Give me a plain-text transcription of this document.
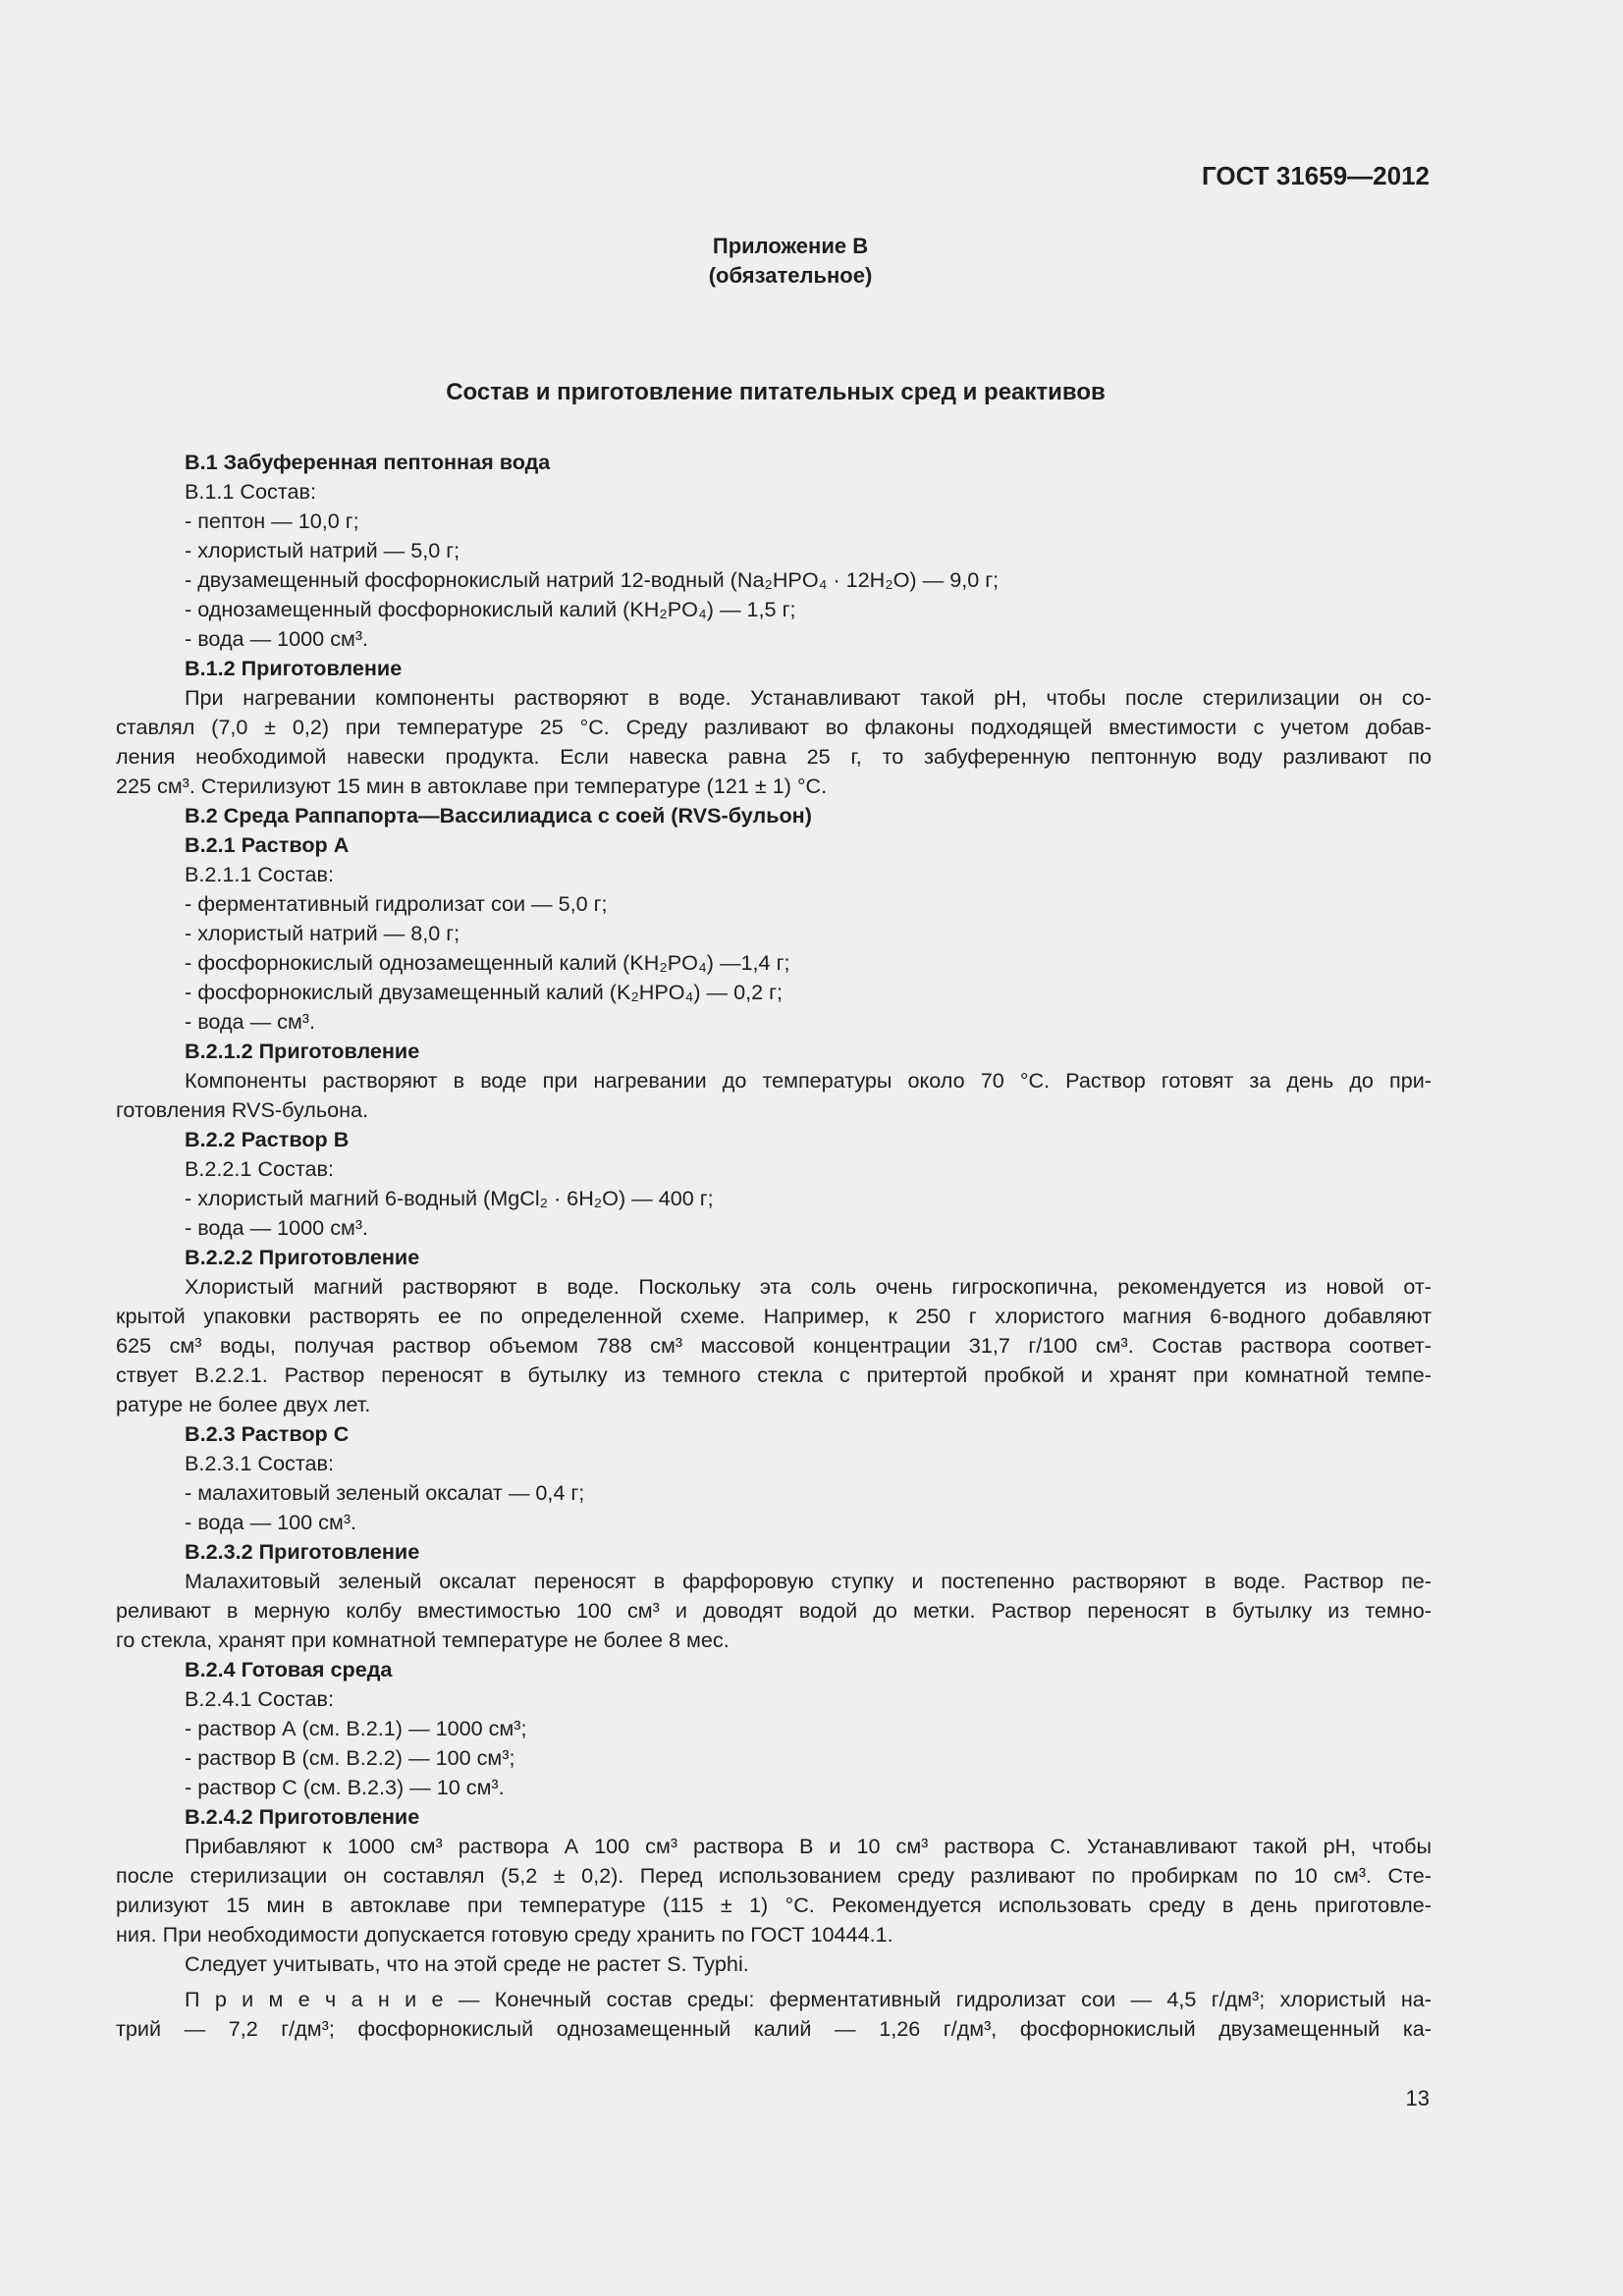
ГОСТ 31659—2012
Приложение В
(обязательное)
Состав и приготовление питательных сред и реактивов
В.1 Забуференная пептонная вода
В.1.1 Состав:
- пептон — 10,0 г;
- хлористый натрий — 5,0 г;
- двузамещенный фосфорнокислый натрий 12-водный (Na₂HPO₄ · 12H₂O) — 9,0 г;
- однозамещенный фосфорнокислый калий (KH₂PO₄) — 1,5 г;
- вода — 1000 см³.
В.1.2 Приготовление
При нагревании компоненты растворяют в воде. Устанавливают такой pH, чтобы после стерилизации он со-
ставлял (7,0 ± 0,2) при температуре 25 °С. Среду разливают во флаконы подходящей вместимости с учетом добав-
ления необходимой навески продукта. Если навеска равна 25 г, то забуференную пептонную воду разливают по
225 см³. Стерилизуют 15 мин в автоклаве при температуре (121 ± 1) °С.
В.2 Среда Раппапорта—Вассилиадиса с соей (RVS-бульон)
В.2.1 Раствор А
В.2.1.1 Состав:
- ферментативный гидролизат сои — 5,0 г;
- хлористый натрий — 8,0 г;
- фосфорнокислый однозамещенный калий (KH₂PO₄) —1,4 г;
- фосфорнокислый двузамещенный калий (K₂HPO₄) — 0,2 г;
- вода — см³.
В.2.1.2 Приготовление
Компоненты растворяют в воде при нагревании до температуры около 70 °С. Раствор готовят за день до при-
готовления RVS-бульона.
В.2.2 Раствор В
В.2.2.1 Состав:
- хлористый магний 6-водный (MgCl₂ · 6H₂O) — 400 г;
- вода — 1000 см³.
В.2.2.2 Приготовление
Хлористый магний растворяют в воде. Поскольку эта соль очень гигроскопична, рекомендуется из новой от-
крытой упаковки растворять ее по определенной схеме. Например, к 250 г хлористого магния 6-водного добавляют
625 см³ воды, получая раствор объемом 788 см³ массовой концентрации 31,7 г/100 см³. Состав раствора соответ-
ствует В.2.2.1. Раствор переносят в бутылку из темного стекла с притертой пробкой и хранят при комнатной темпе-
ратуре не более двух лет.
В.2.3 Раствор С
В.2.3.1 Состав:
- малахитовый зеленый оксалат — 0,4 г;
- вода — 100 см³.
В.2.3.2 Приготовление
Малахитовый зеленый оксалат переносят в фарфоровую ступку и постепенно растворяют в воде. Раствор пе-
реливают в мерную колбу вместимостью 100 см³ и доводят водой до метки. Раствор переносят в бутылку из темно-
го стекла, хранят при комнатной температуре не более 8 мес.
В.2.4 Готовая среда
В.2.4.1 Состав:
- раствор А (см. В.2.1) — 1000 см³;
- раствор В (см. В.2.2) — 100 см³;
- раствор С (см. В.2.3) — 10 см³.
В.2.4.2 Приготовление
Прибавляют к 1000 см³ раствора А 100 см³ раствора В и 10 см³ раствора С. Устанавливают такой pH, чтобы
после стерилизации он составлял (5,2 ± 0,2). Перед использованием среду разливают по пробиркам по 10 см³. Сте-
рилизуют 15 мин в автоклаве при температуре (115 ± 1) °С. Рекомендуется использовать среду в день приготовле-
ния. При необходимости допускается готовую среду хранить по ГОСТ 10444.1.
Следует учитывать, что на этой среде не растет S. Typhi.
П р и м е ч а н и е — Конечный состав среды: ферментативный гидролизат сои — 4,5 г/дм³; хлористый на-
трий — 7,2 г/дм³; фосфорнокислый однозамещенный калий — 1,26 г/дм³, фосфорнокислый двузамещенный ка-
13
